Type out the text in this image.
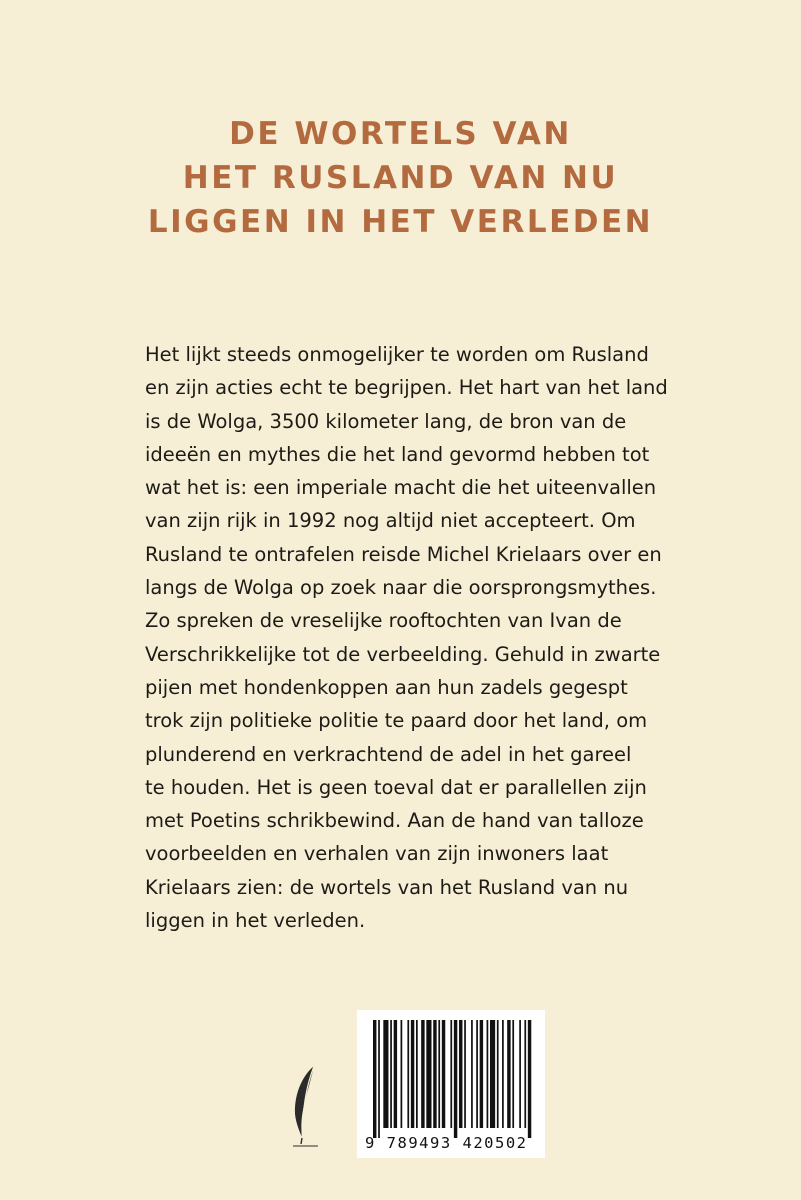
DE WORTELS VAN
HET RUSLAND VAN NU
LIGGEN IN HET VERLEDEN
Het lijkt steeds onmogelijker te worden om Rusland
en zijn acties echt te begrijpen. Het hart van het land
is de Wolga, 3500 kilometer lang, de bron van de
ideeën en mythes die het land gevormd hebben tot
wat het is: een imperiale macht die het uiteenvallen
van zijn rijk in 1992 nog altijd niet accepteert. Om
Rusland te ontrafelen reisde Michel Krielaars over en
langs de Wolga op zoek naar die oorsprongsmythes.
Zo spreken de vreselijke rooftochten van Ivan de
Verschrikkelijke tot de verbeelding. Gehuld in zwarte
pijen met hondenkoppen aan hun zadels gegespt
trok zijn politieke politie te paard door het land, om
plunderend en verkrachtend de adel in het gareel
te houden. Het is geen toeval dat er parallellen zijn
met Poetins schrikbewind. Aan de hand van talloze
voorbeelden en verhalen van zijn inwoners laat
Krielaars zien: de wortels van het Rusland van nu
liggen in het verleden.
9 789493 420502
